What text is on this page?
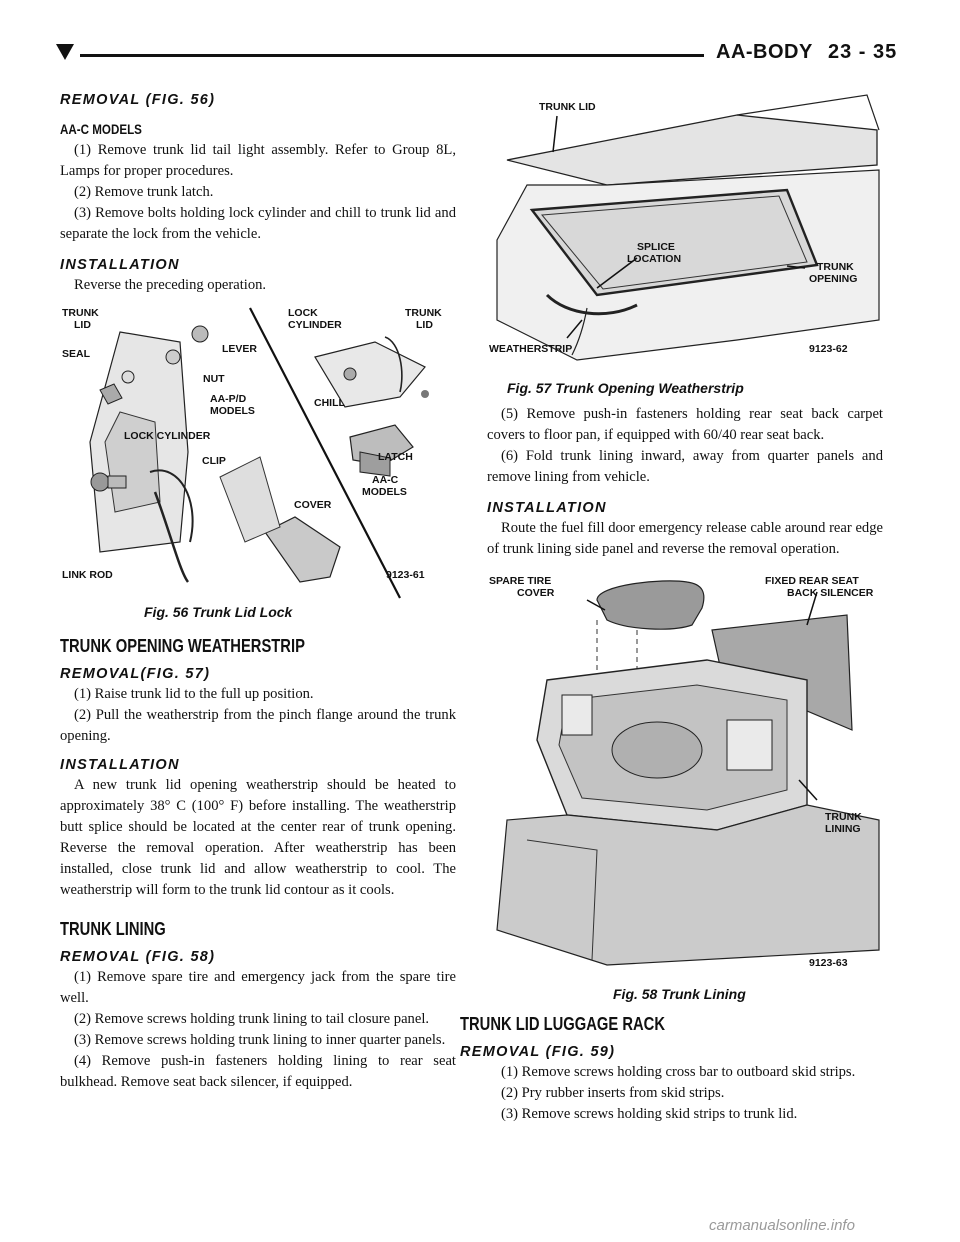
AA-BODY 23 - 35
REMOVAL (FIG. 56)
AA-C MODELS

(1) Remove trunk lid tail light assembly. Refer to Group 8L, Lamps for proper procedures.

(2) Remove trunk latch.

(3) Remove bolts holding lock cylinder and chill to trunk lid and separate the lock from the vehicle.

INSTALLATION

Reverse the preceding operation.

TRUNK
LID
SEAL	LEVER
NUT
LOCK
CYLINDER
TRUNK
LID
AA-P/D
MODELS
CHILL
LOCK CYLINDER
LATCH
AA-C
MODELS
CLIP
COVER
LINK ROD	9123-61

Fig. 56 Trunk Lid Lock

TRUNK OPENING WEATHERSTRIP
REMOVAL(FIG. 57)

(1) Raise trunk lid to the full up position.

(2) Pull the weatherstrip from the pinch flange around the trunk opening.

INSTALLATION

A new trunk lid opening weatherstrip should be heated to approximately 38° C (100° F) before installing. The weatherstrip butt splice should be located at the center rear of trunk opening. Reverse the removal operation. After weatherstrip has been installed, close trunk lid and allow weatherstrip to cool. The weatherstrip will form to the trunk lid contour as it cools.

TRUNK LINING
REMOVAL (FIG. 58)

(1) Remove spare tire and emergency jack from the spare tire well.

(2) Remove screws holding trunk lining to tail closure panel.

(3) Remove screws holding trunk lining to inner quarter panels.

(4) Remove push-in fasteners holding lining to rear seat bulkhead. Remove seat back silencer, if equipped.

TRUNK LID
SPLICE
LOCATION
TRUNK
OPENING
WEATHERSTRIP	9123-62

Fig. 57 Trunk Opening Weatherstrip

(5) Remove push-in fasteners holding rear seat back carpet covers to floor pan, if equipped with 60/40 rear seat back.

(6) Fold trunk lining inward, away from quarter panels and remove lining from vehicle.

INSTALLATION

Route the fuel fill door emergency release cable around rear edge of trunk lining side panel and reverse the removal operation.

SPARE TIRE
COVER
FIXED REAR SEAT
BACK SILENCER
TRUNK
LINING
9123-63

Fig. 58 Trunk Lining

TRUNK LID LUGGAGE RACK
REMOVAL (FIG. 59)

(1) Remove screws holding cross bar to outboard skid strips.

(2) Pry rubber inserts from skid strips.

(3) Remove screws holding skid strips to trunk lid.

carmanualsonline.info
